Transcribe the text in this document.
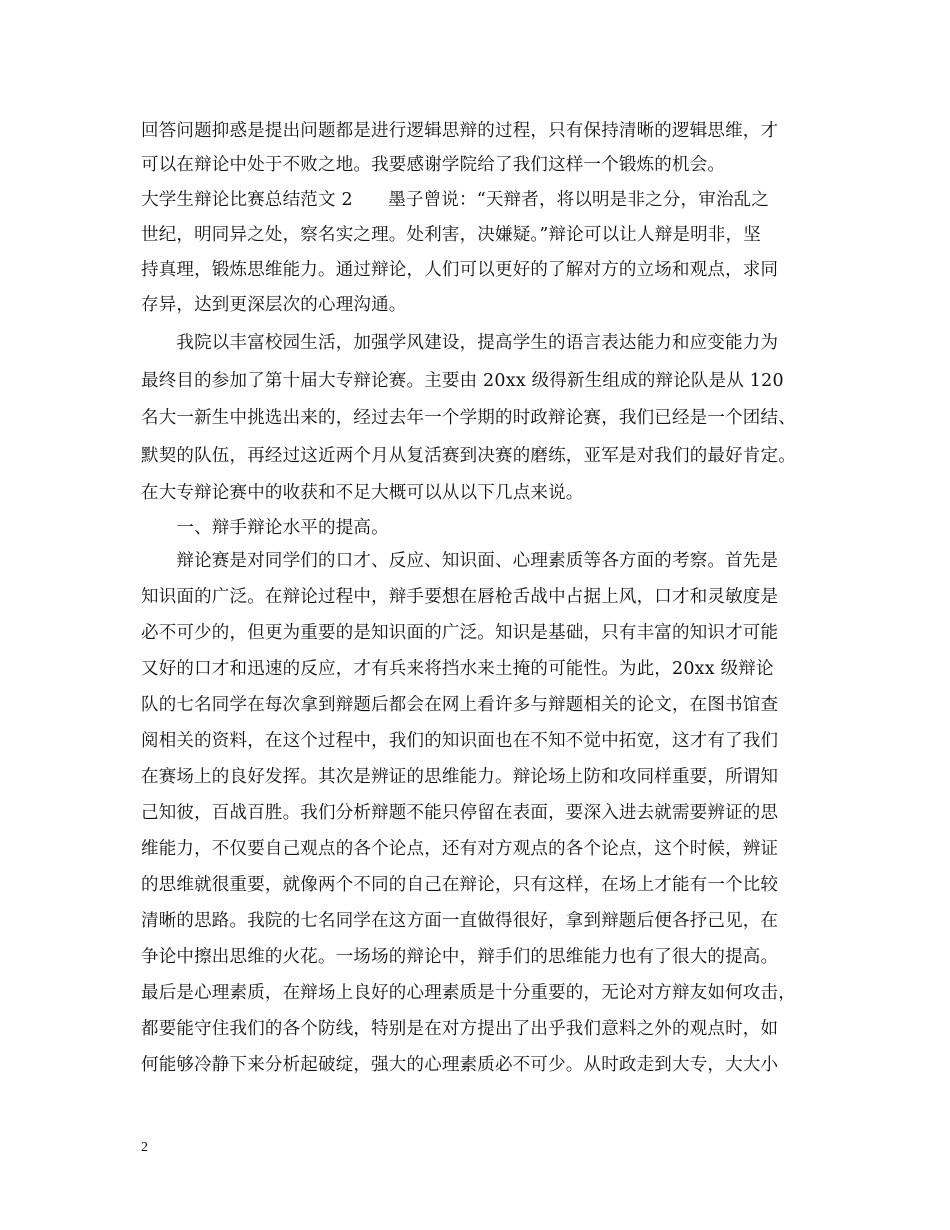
回答问题抑惑是提出问题都是进行逻辑思辩的过程，只有保持清晰的逻辑思维，才
可以在辩论中处于不败之地。我要感谢学院给了我们这样一个锻炼的机会。
大学生辩论比赛总结范文 2　　墨子曾说：“天辩者，将以明是非之分，审治乱之
世纪，明同异之处，察名实之理。处利害，决嫌疑。”辩论可以让人辩是明非，坚
持真理，锻炼思维能力。通过辩论，人们可以更好的了解对方的立场和观点，求同
存异，达到更深层次的心理沟通。
　　我院以丰富校园生活，加强学风建设，提高学生的语言表达能力和应变能力为
最终目的参加了第十届大专辩论赛。主要由 20xx 级得新生组成的辩论队是从 120
名大一新生中挑选出来的，经过去年一个学期的时政辩论赛，我们已经是一个团结、
默契的队伍，再经过这近两个月从复活赛到决赛的磨练，亚军是对我们的最好肯定。
在大专辩论赛中的收获和不足大概可以从以下几点来说。
　　一、辩手辩论水平的提高。
　　辩论赛是对同学们的口才、反应、知识面、心理素质等各方面的考察。首先是
知识面的广泛。在辩论过程中，辩手要想在唇枪舌战中占据上风，口才和灵敏度是
必不可少的，但更为重要的是知识面的广泛。知识是基础，只有丰富的知识才可能
又好的口才和迅速的反应，才有兵来将挡水来土掩的可能性。为此，20xx 级辩论
队的七名同学在每次拿到辩题后都会在网上看许多与辩题相关的论文，在图书馆查
阅相关的资料，在这个过程中，我们的知识面也在不知不觉中拓宽，这才有了我们
在赛场上的良好发挥。其次是辨证的思维能力。辩论场上防和攻同样重要，所谓知
己知彼，百战百胜。我们分析辩题不能只停留在表面，要深入进去就需要辨证的思
维能力，不仅要自己观点的各个论点，还有对方观点的各个论点，这个时候，辨证
的思维就很重要，就像两个不同的自己在辩论，只有这样，在场上才能有一个比较
清晰的思路。我院的七名同学在这方面一直做得很好，拿到辩题后便各抒己见，在
争论中擦出思维的火花。一场场的辩论中，辩手们的思维能力也有了很大的提高。
最后是心理素质，在辩场上良好的心理素质是十分重要的，无论对方辩友如何攻击，
都要能守住我们的各个防线，特别是在对方提出了出乎我们意料之外的观点时，如
何能够冷静下来分析起破绽，强大的心理素质必不可少。从时政走到大专，大大小
2
